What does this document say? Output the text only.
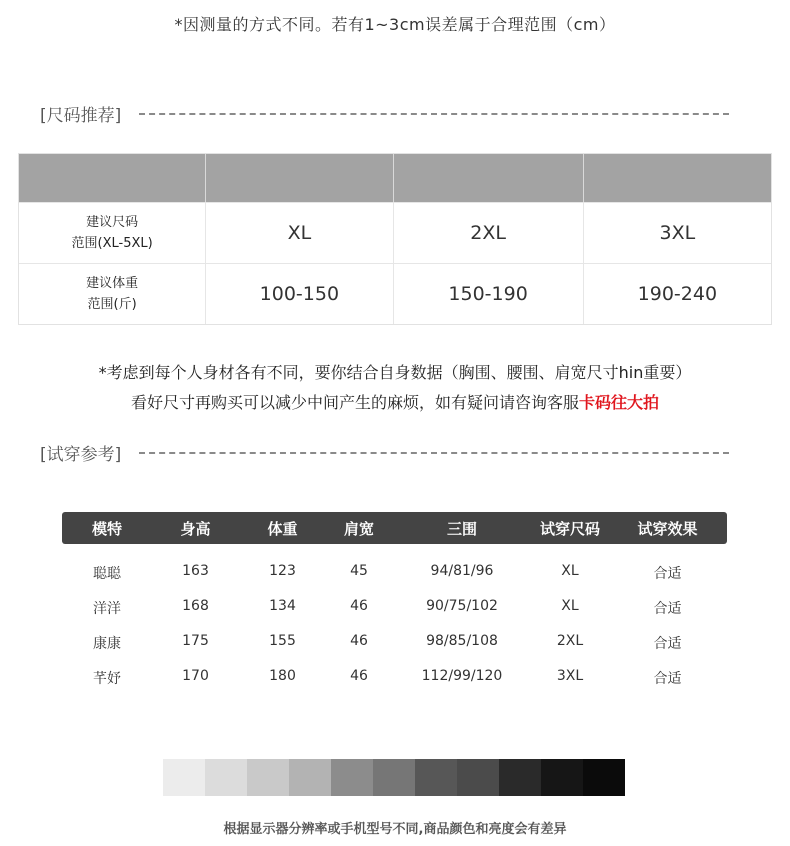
*因测量的方式不同。若有1~3cm误差属于合理范围（cm）
[尺码推荐]
建议尺码
范围(XL-5XL)	XL	2XL	3XL
建议体重
范围(斤)	100-150	150-190	190-240
*考虑到每个人身材各有不同，要你结合自身数据（胸围、腰围、肩宽尺寸hin重要）
看好尺寸再购买可以减少中间产生的麻烦，如有疑问请咨询客服卡码往大拍
[试穿参考]
模特	身高	体重	肩宽	三围	试穿尺码	试穿效果
聪聪	163	123	45	94/81/96	XL	合适
洋洋	168	134	46	90/75/102	XL	合适
康康	175	155	46	98/85/108	2XL	合适
芊妤	170	180	46	112/99/120	3XL	合适
根据显示器分辨率或手机型号不同,商品颜色和亮度会有差异
